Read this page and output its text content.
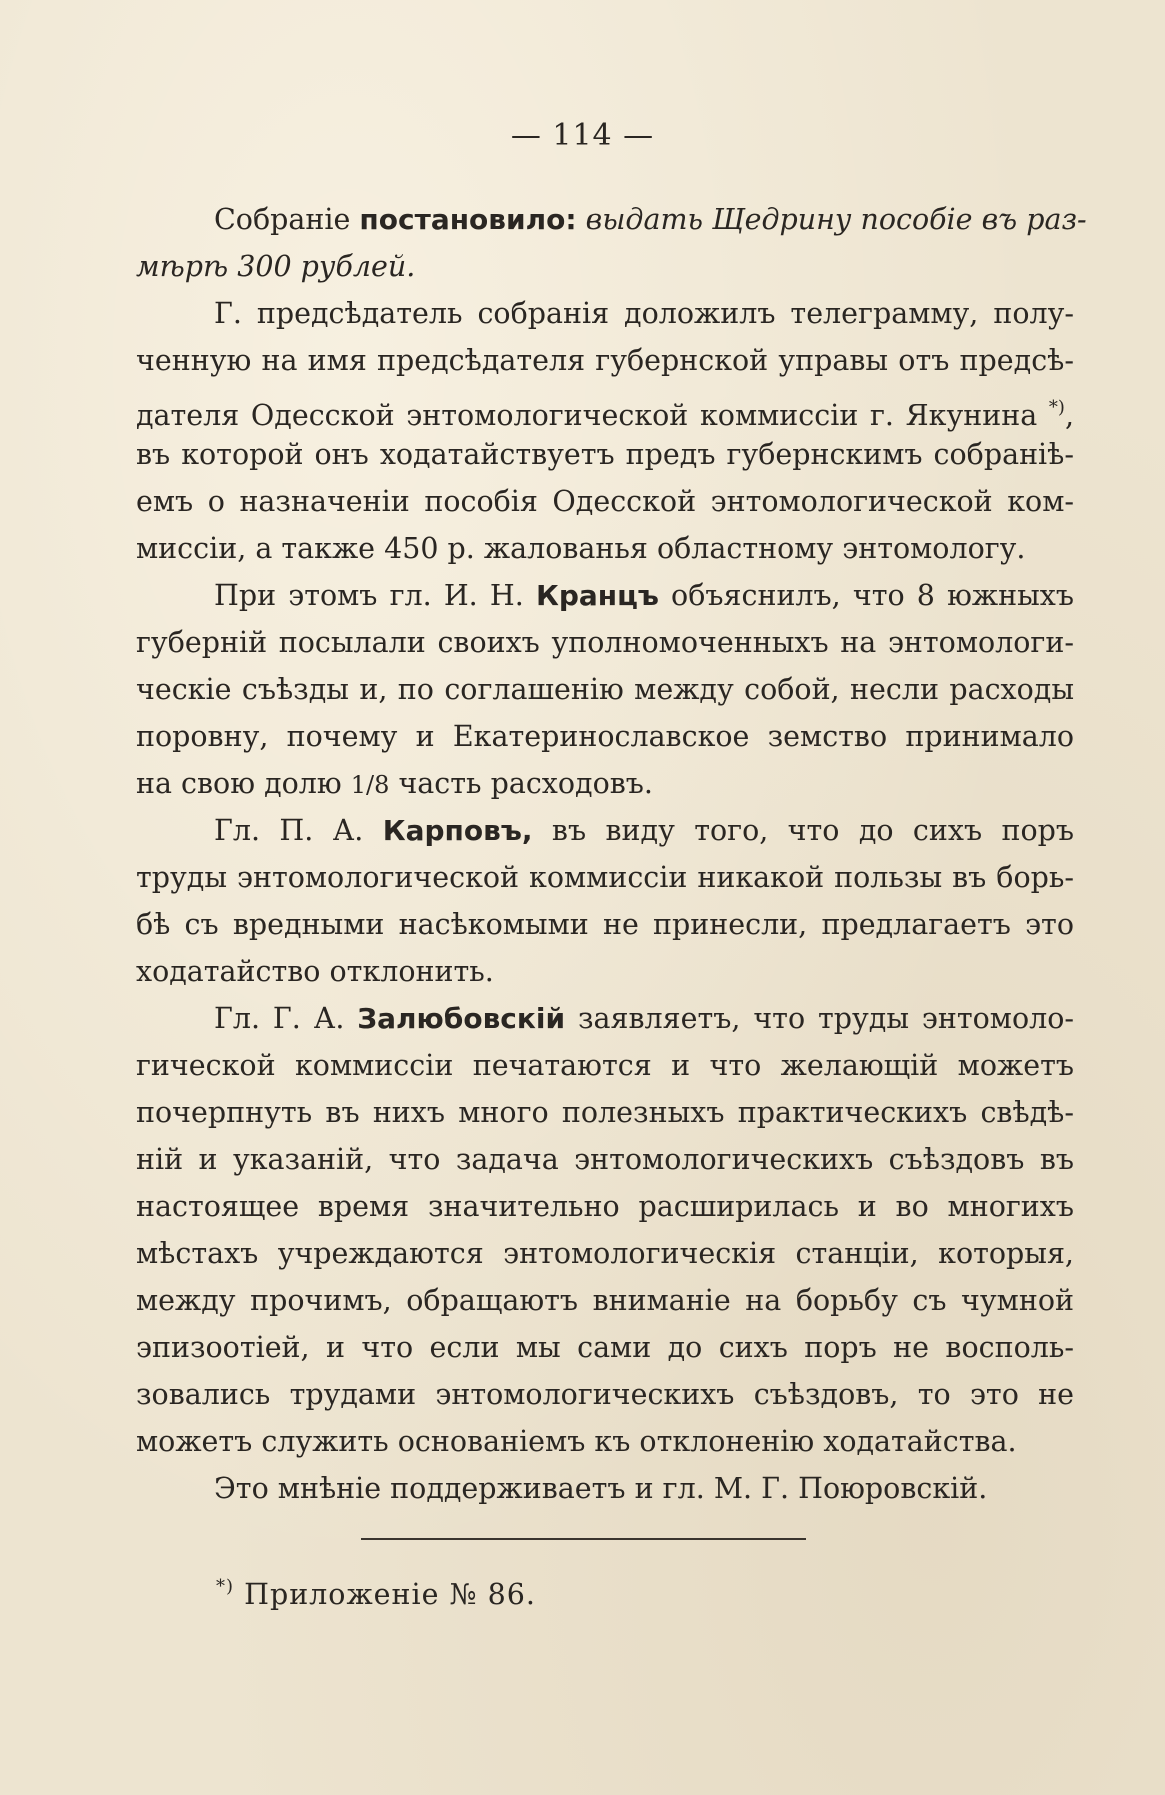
— 114 —
Собраніе постановило: выдать Щедрину пособіе въ раз-
мѣрѣ 300 рублей.
Г. предсѣдатель собранія доложилъ телеграмму, полу-
ченную на имя предсѣдателя губернской управы отъ предсѣ-
дателя Одесской энтомологической коммиссіи г. Якунина *),
въ которой онъ ходатайствуетъ предъ губернскимъ собраніѣ-
емъ о назначеніи пособія Одесской энтомологической ком-
миссіи, а также 450 р. жалованья областному энтомологу.
При этомъ гл. И. Н. Кранцъ объяснилъ, что 8 южныхъ
губерній посылали своихъ уполномоченныхъ на энтомологи-
ческіе съѣзды и, по соглашенію между собой, несли расходы
поровну, почему и Екатеринославское земство принимало
на свою долю 1/8 часть расходовъ.
Гл. П. А. Карповъ, въ виду того, что до сихъ поръ
труды энтомологической коммиссіи никакой пользы въ борь-
бѣ съ вредными насѣкомыми не принесли, предлагаетъ это
ходатайство отклонить.
Гл. Г. А. Залюбовскій заявляетъ, что труды энтомоло-
гической коммиссіи печатаются и что желающій можетъ
почерпнуть въ нихъ много полезныхъ практическихъ свѣдѣ-
ній и указаній, что задача энтомологическихъ съѣздовъ въ
настоящее время значительно расширилась и во многихъ
мѣстахъ учреждаются энтомологическія станціи, которыя,
между прочимъ, обращаютъ вниманіе на борьбу съ чумной
эпизоотіей, и что если мы сами до сихъ поръ не восполь-
зовались трудами энтомологическихъ съѣздовъ, то это не
можетъ служить основаніемъ къ отклоненію ходатайства.
Это мнѣніе поддерживаетъ и гл. М. Г. Поюровскій.
*) Приложеніе № 86.
